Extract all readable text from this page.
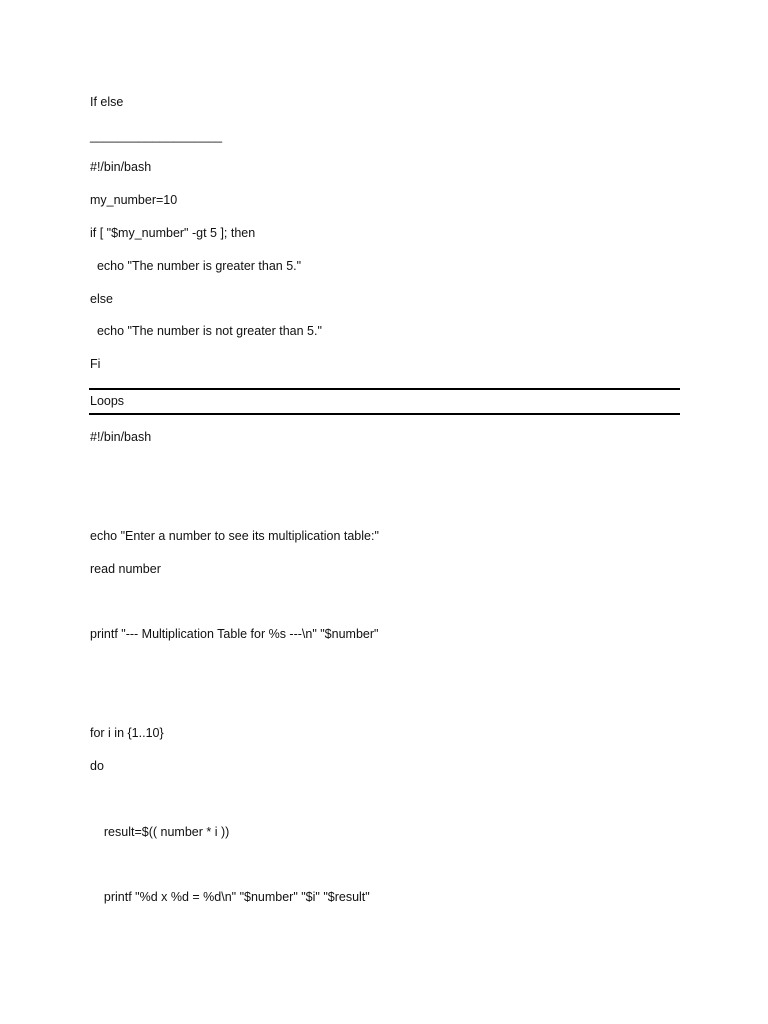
If else

___________________

#!/bin/bash

my_number=10

if [ "$my_number" -gt 5 ]; then

echo "The number is greater than 5."

else

echo "The number is not greater than 5."

Fi

Loops

#!/bin/bash

echo "Enter a number to see its multiplication table:"

read number

printf "--- Multiplication Table for %s ---\n" "$number"

for i in {1..10}

do

result=$(( number * i ))

printf "%d x %d = %d\n" "$number" "$i" "$result"
